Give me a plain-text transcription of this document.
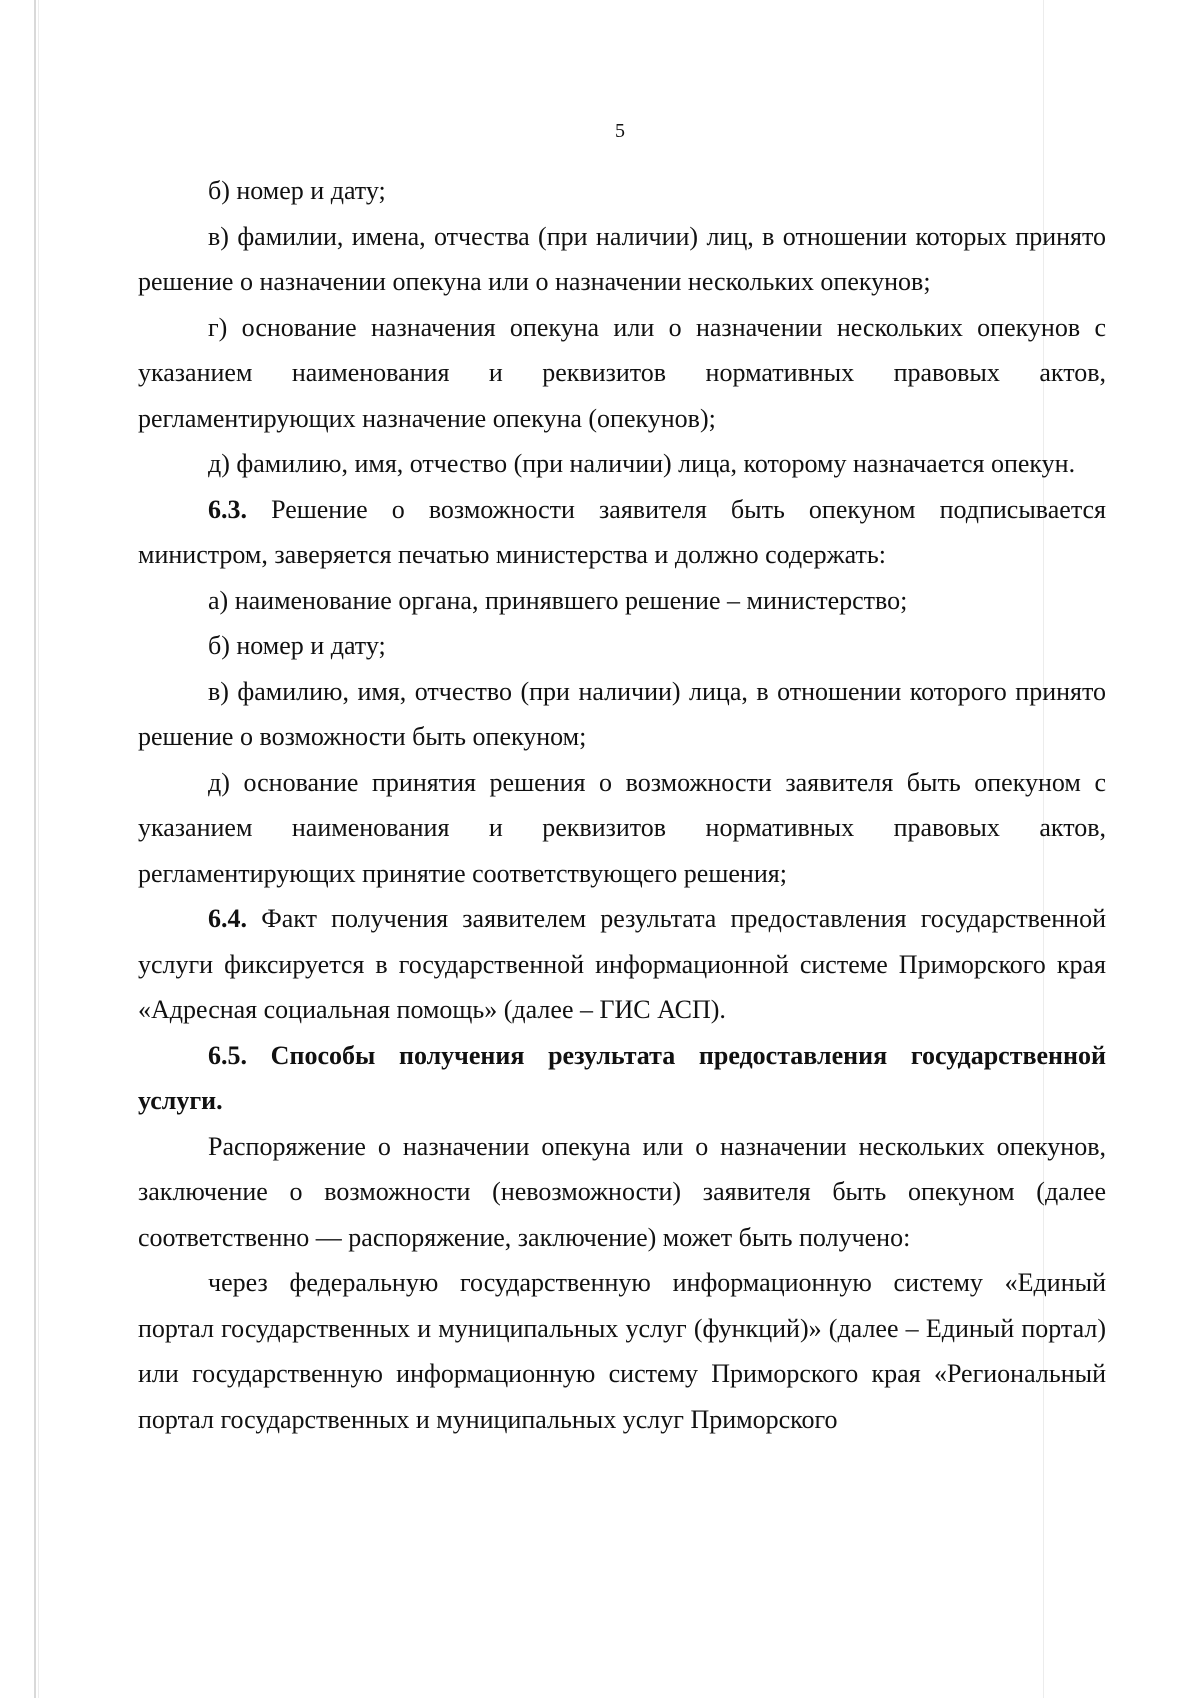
5

б) номер и дату;

в) фамилии, имена, отчества (при наличии) лиц, в отношении которых принято решение о назначении опекуна или о назначении нескольких опекунов;

г) основание назначения опекуна или о назначении нескольких опекунов с указанием наименования и реквизитов нормативных правовых актов, регламентирующих назначение опекуна (опекунов);

д) фамилию, имя, отчество (при наличии) лица, которому назначается опекун.

6.3. Решение о возможности заявителя быть опекуном подписывается министром, заверяется печатью министерства и должно содержать:

а) наименование органа, принявшего решение – министерство;

б) номер и дату;

в) фамилию, имя, отчество (при наличии) лица, в отношении которого принято решение о возможности быть опекуном;

д) основание принятия решения о возможности заявителя быть опекуном с указанием наименования и реквизитов нормативных правовых актов, регламентирующих принятие соответствующего решения;

6.4. Факт получения заявителем результата предоставления государственной услуги фиксируется в государственной информационной системе Приморского края «Адресная социальная помощь» (далее – ГИС АСП).

6.5. Способы получения результата предоставления государственной услуги.

Распоряжение о назначении опекуна или о назначении нескольких опекунов, заключение о возможности (невозможности) заявителя быть опекуном (далее соответственно — распоряжение, заключение) может быть получено:

через федеральную государственную информационную систему «Единый портал государственных и муниципальных услуг (функций)» (далее – Единый портал) или государственную информационную систему Приморского края «Региональный портал государственных и муниципальных услуг Приморского
